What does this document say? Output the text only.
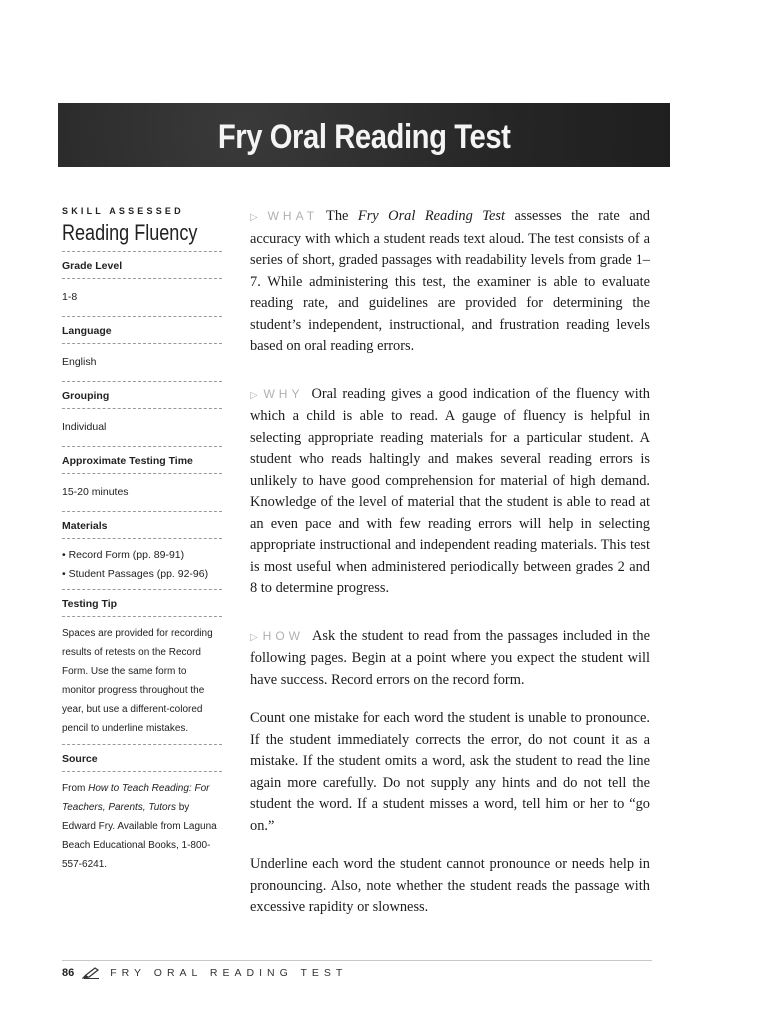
Fry Oral Reading Test
SKILL ASSESSED
Reading Fluency
Grade Level
1-8
Language
English
Grouping
Individual
Approximate Testing Time
15-20 minutes
Materials
• Record Form (pp. 89-91)
• Student Passages (pp. 92-96)
Testing Tip
Spaces are provided for recording results of retests on the Record Form. Use the same form to monitor progress throughout the year, but use a different-colored pencil to underline mistakes.
Source
From How to Teach Reading: For Teachers, Parents, Tutors by Edward Fry. Available from Laguna Beach Educational Books, 1-800-557-6241.

▷ WHAT The Fry Oral Reading Test assesses the rate and accuracy with which a student reads text aloud. The test consists of a series of short, graded passages with readability levels from grade 1–7. While administering this test, the examiner is able to evaluate reading rate, and guidelines are provided for determining the student’s independent, instructional, and frustration reading levels based on oral reading errors.

▷ WHY Oral reading gives a good indication of the fluency with which a child is able to read. A gauge of fluency is helpful in selecting appropriate reading materials for a particular student. A student who reads haltingly and makes several reading errors is unlikely to have good comprehension for material of high demand. Knowledge of the level of material that the student is able to read at an even pace and with few reading errors will help in selecting appropriate instructional and independent reading materials. This test is most useful when administered periodically between grades 2 and 8 to determine progress.

▷ HOW Ask the student to read from the passages included in the following pages. Begin at a point where you expect the student will have success. Record errors on the record form.

Count one mistake for each word the student is unable to pronounce. If the student immediately corrects the error, do not count it as a mistake. If the student omits a word, ask the student to read the line again more carefully. Do not supply any hints and do not tell the student the word. If a student misses a word, tell him or her to “go on.”

Underline each word the student cannot pronounce or needs help in pronouncing. Also, note whether the student reads the passage with excessive rapidity or slowness.

86	FRY ORAL READING TEST
